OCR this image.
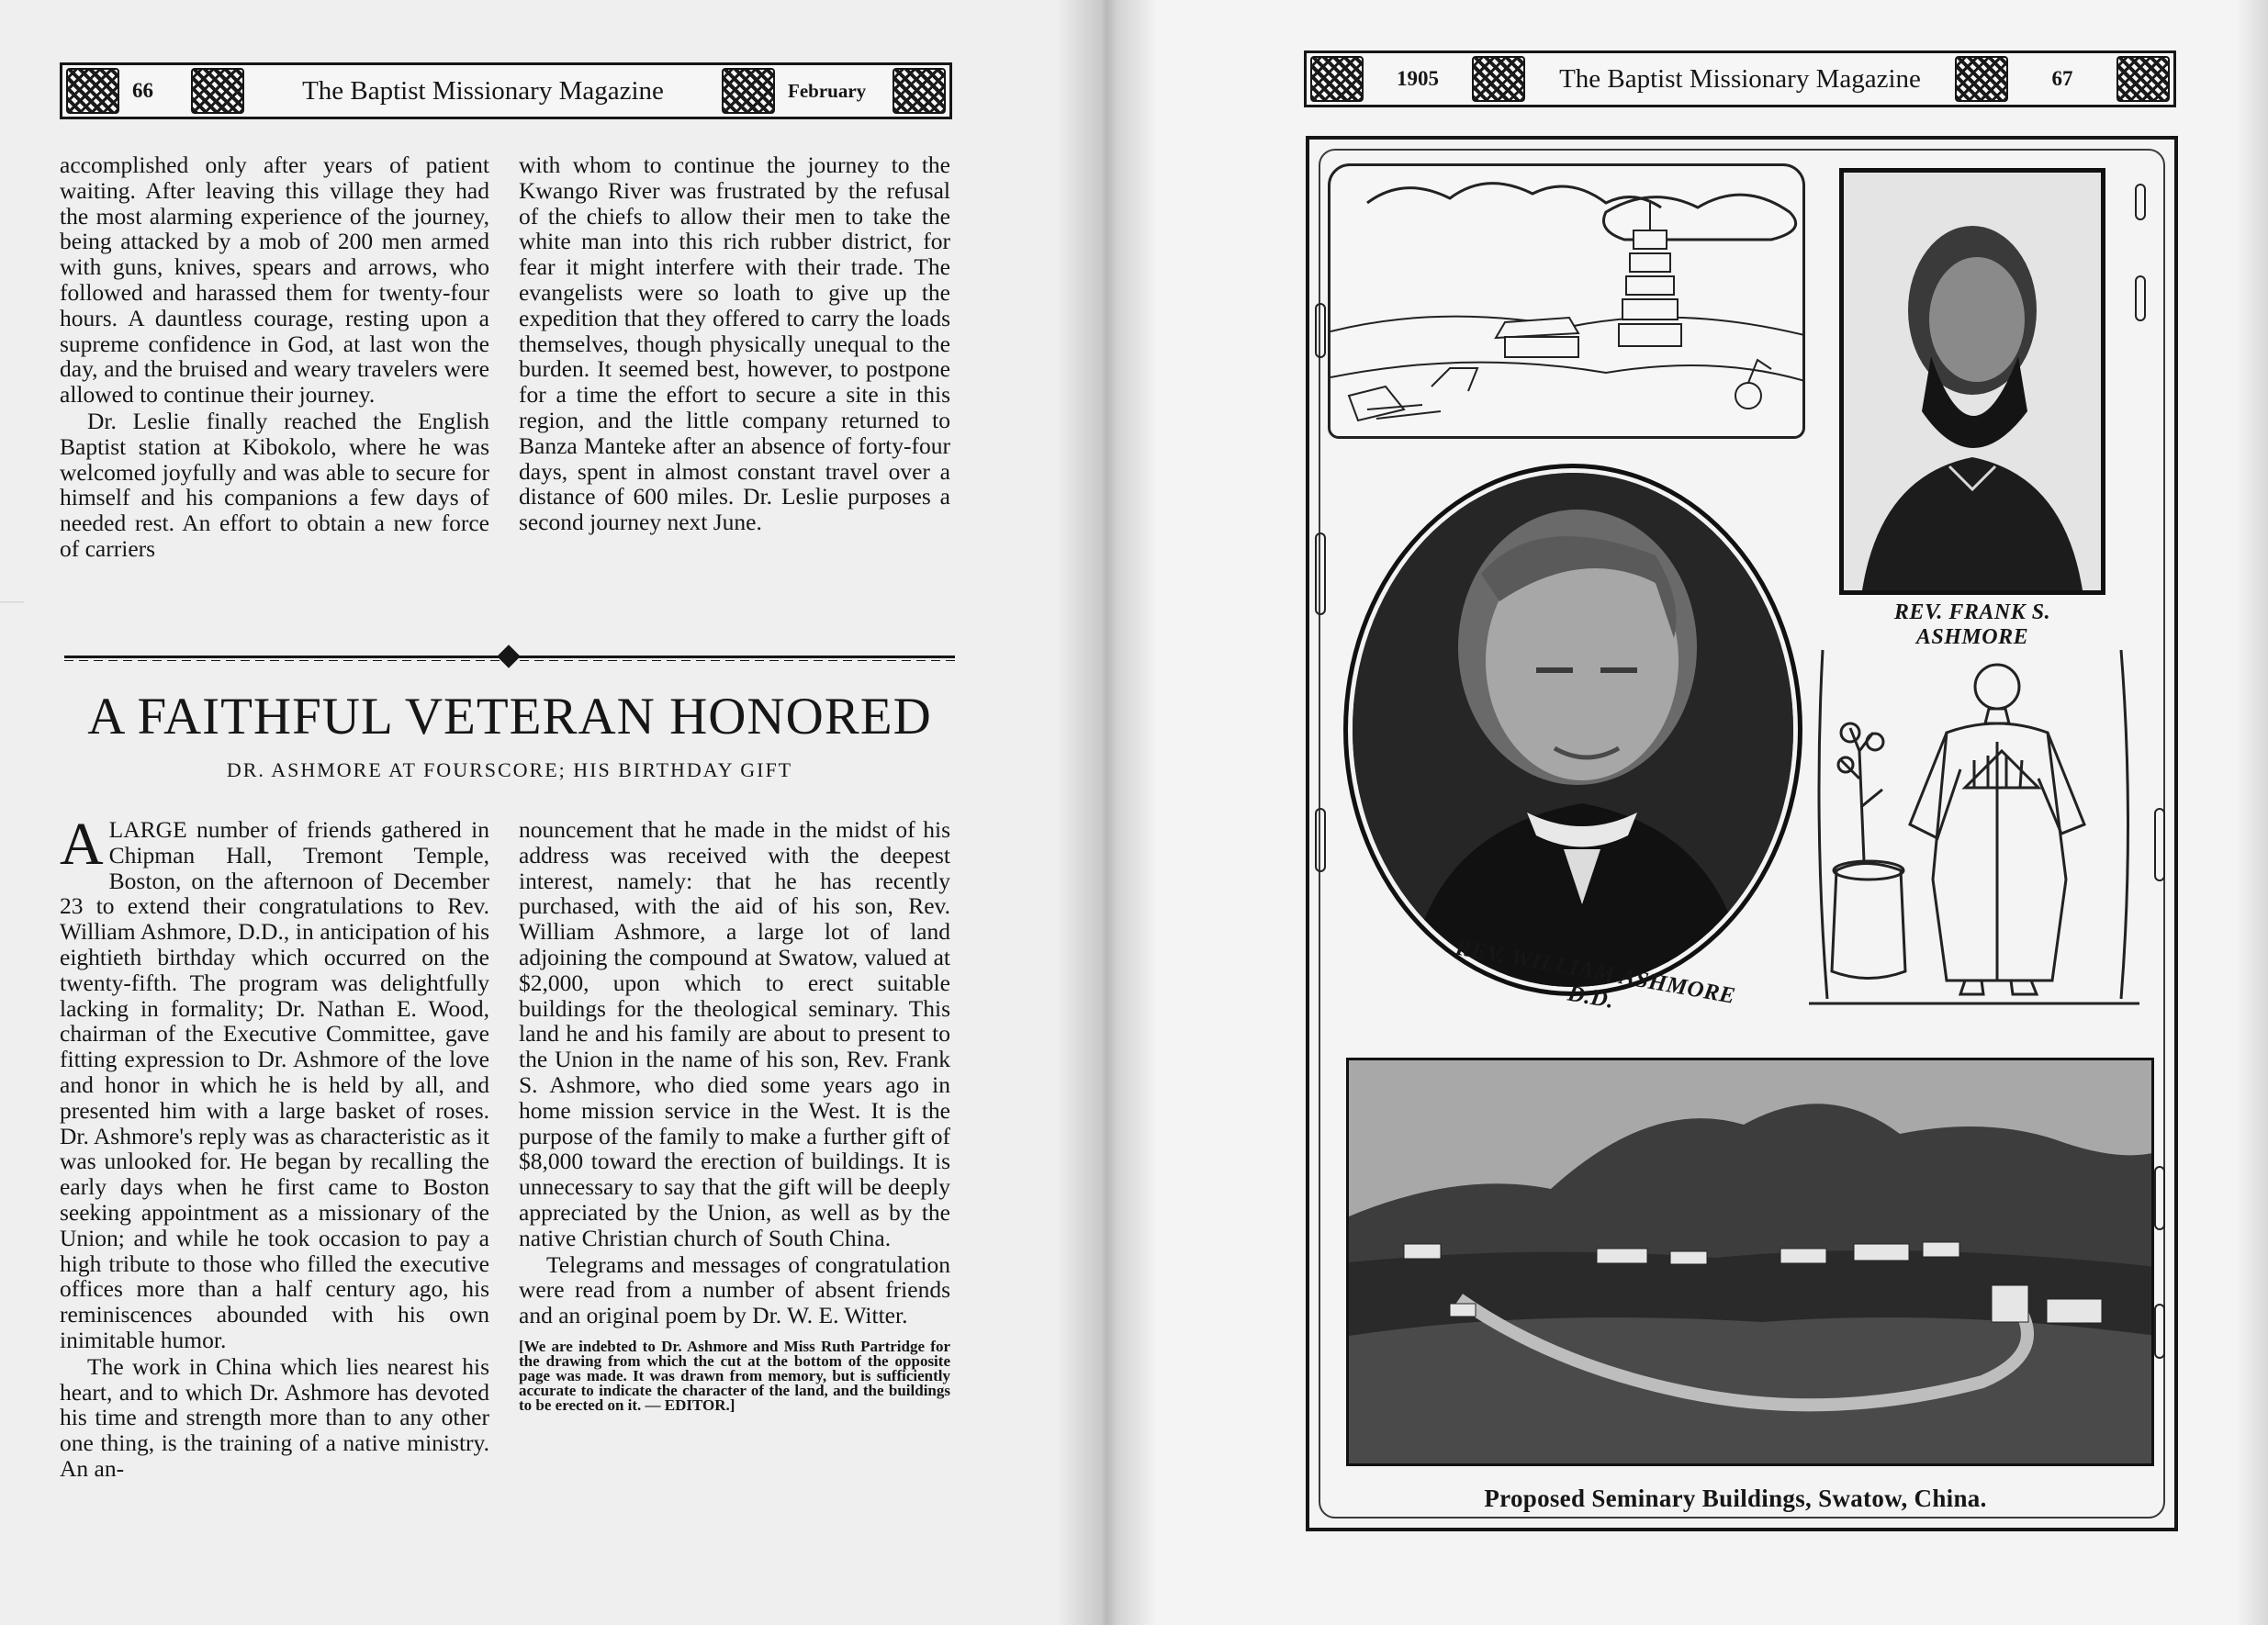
—

66	The Baptist Missionary Magazine	February

accomplished only after years of patient waiting. After leaving this village they had the most alarming experience of the journey, being attacked by a mob of 200 men armed with guns, knives, spears and arrows, who followed and harassed them for twenty-four hours. A dauntless courage, resting upon a supreme confidence in God, at last won the day, and the bruised and weary travelers were allowed to continue their journey.

Dr. Leslie finally reached the English Baptist station at Kibokolo, where he was welcomed joyfully and was able to secure for himself and his companions a few days of needed rest. An effort to obtain a new force of carriers

with whom to continue the journey to the Kwango River was frustrated by the refusal of the chiefs to allow their men to take the white man into this rich rubber district, for fear it might interfere with their trade. The evangelists were so loath to give up the expedition that they offered to carry the loads themselves, though physically unequal to the burden. It seemed best, however, to postpone for a time the effort to secure a site in this region, and the little company returned to Banza Manteke after an absence of forty-four days, spent in almost constant travel over a distance of 600 miles. Dr. Leslie purposes a second journey next June.

A FAITHFUL VETERAN HONORED
DR. ASHMORE AT FOURSCORE; HIS BIRTHDAY GIFT

ALARGE number of friends gathered in Chipman Hall, Tremont Temple, Boston, on the afternoon of December 23 to extend their congratulations to Rev. William Ashmore, D.D., in anticipation of his eightieth birthday which occurred on the twenty-fifth. The program was delightfully lacking in formality; Dr. Nathan E. Wood, chairman of the Executive Committee, gave fitting expression to Dr. Ashmore of the love and honor in which he is held by all, and presented him with a large basket of roses. Dr. Ashmore's reply was as characteristic as it was unlooked for. He began by recalling the early days when he first came to Boston seeking appointment as a missionary of the Union; and while he took occasion to pay a high tribute to those who filled the executive offices more than a half century ago, his reminiscences abounded with his own inimitable humor.

The work in China which lies nearest his heart, and to which Dr. Ashmore has devoted his time and strength more than to any other one thing, is the training of a native ministry. An an-

nouncement that he made in the midst of his address was received with the deepest interest, namely: that he has recently purchased, with the aid of his son, Rev. William Ashmore, a large lot of land adjoining the compound at Swatow, valued at $2,000, upon which to erect suitable buildings for the theological seminary. This land he and his family are about to present to the Union in the name of his son, Rev. Frank S. Ashmore, who died some years ago in home mission service in the West. It is the purpose of the family to make a further gift of $8,000 toward the erection of buildings. It is unnecessary to say that the gift will be deeply appreciated by the Union, as well as by the native Christian church of South China.

Telegrams and messages of congratulation were read from a number of absent friends and an original poem by Dr. W. E. Witter.

[We are indebted to Dr. Ashmore and Miss Ruth Partridge for the drawing from which the cut at the bottom of the opposite page was made. It was drawn from memory, but is sufficiently accurate to indicate the character of the land, and the buildings to be erected on it. — EDITOR.]
1905	The Baptist Missionary Magazine	67

REV. FRANK S. ASHMORE
REV. WILLIAM ASHMORE D.D.
Proposed Seminary Buildings, Swatow, China.
